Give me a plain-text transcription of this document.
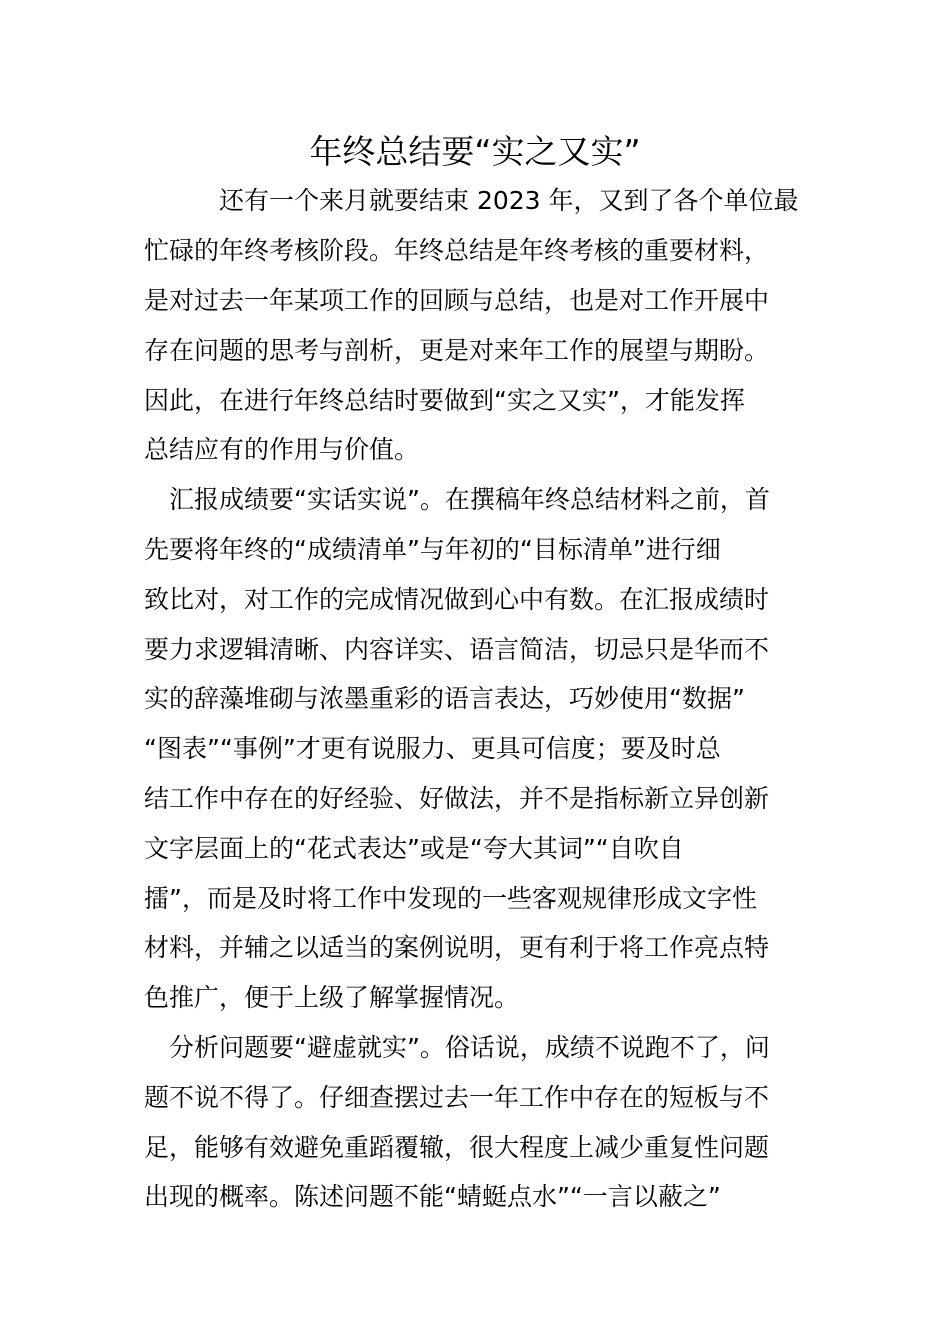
年终总结要“实之又实”

还有一个来月就要结束 2023 年，又到了各个单位最

忙碌的年终考核阶段。年终总结是年终考核的重要材料，

是对过去一年某项工作的回顾与总结，也是对工作开展中

存在问题的思考与剖析，更是对来年工作的展望与期盼。

因此，在进行年终总结时要做到“实之又实”，才能发挥

总结应有的作用与价值。

汇报成绩要“实话实说”。在撰稿年终总结材料之前，首

先要将年终的“成绩清单”与年初的“目标清单”进行细

致比对，对工作的完成情况做到心中有数。在汇报成绩时

要力求逻辑清晰、内容详实、语言简洁，切忌只是华而不

实的辞藻堆砌与浓墨重彩的语言表达，巧妙使用“数据”

“图表”“事例”才更有说服力、更具可信度；要及时总

结工作中存在的好经验、好做法，并不是指标新立异创新

文字层面上的“花式表达”或是“夸大其词”“自吹自

擂”，而是及时将工作中发现的一些客观规律形成文字性

材料，并辅之以适当的案例说明，更有利于将工作亮点特

色推广，便于上级了解掌握情况。

分析问题要“避虚就实”。俗话说，成绩不说跑不了，问

题不说不得了。仔细查摆过去一年工作中存在的短板与不

足，能够有效避免重蹈覆辙，很大程度上减少重复性问题

出现的概率。陈述问题不能“蜻蜓点水”“一言以蔽之”
